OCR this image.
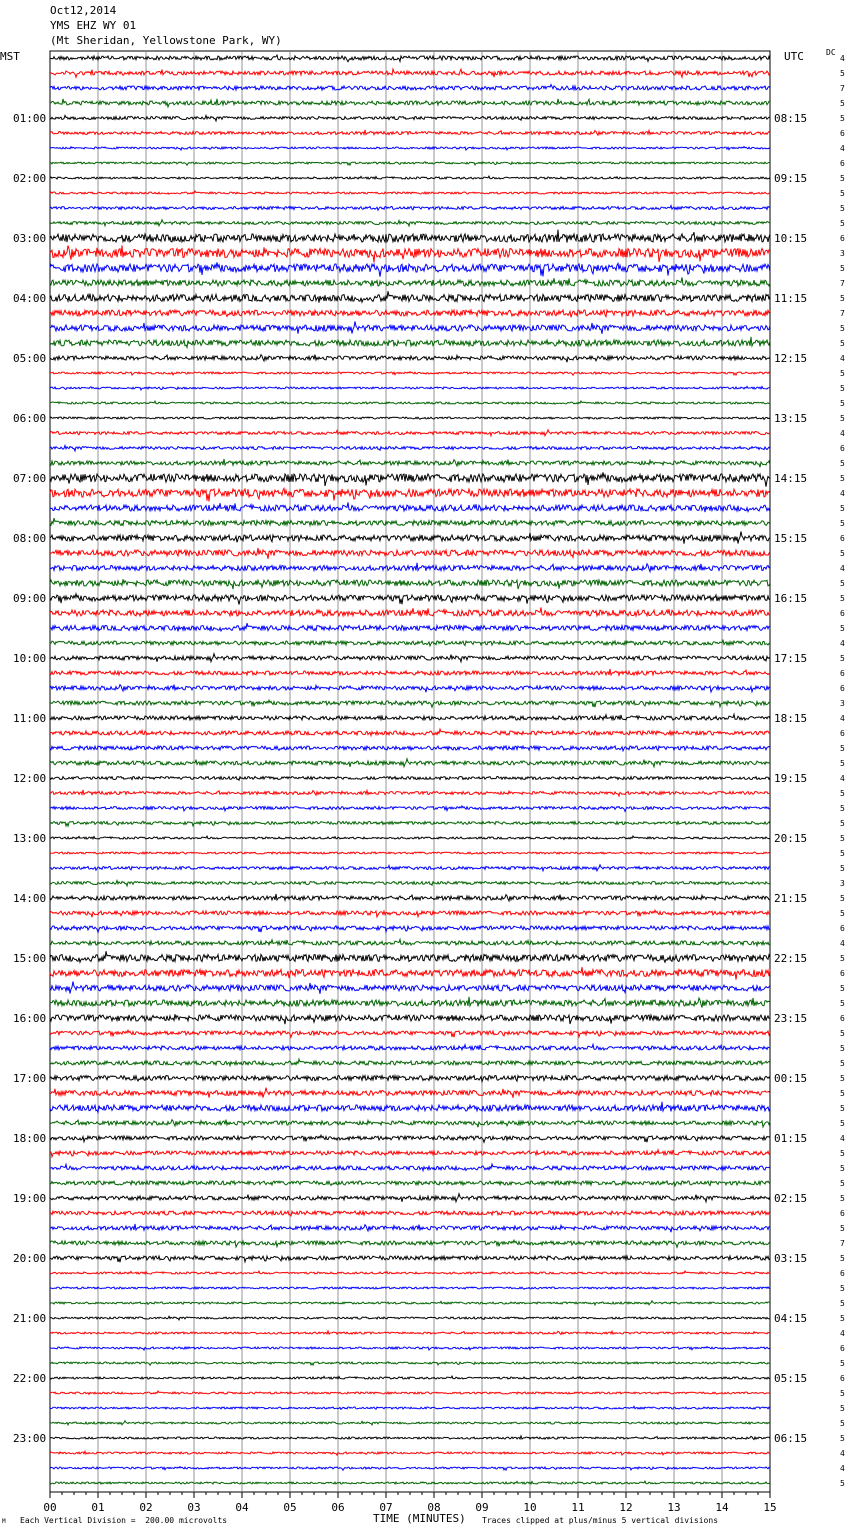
Oct12,2014
YMS EHZ WY 01
(Mt Sheridan, Yellowstone Park, WY)
MST	UTC	DC
01:00
02:00
03:00
04:00
05:00
06:00
07:00
08:00
09:00
10:00
11:00
12:00
13:00
14:00
15:00
16:00
17:00
18:00
19:00
20:00
21:00
22:00
23:00
08:15
09:15
10:15
11:15
12:15
13:15
14:15
15:15
16:15
17:15
18:15
19:15
20:15
21:15
22:15
23:15
00:15
01:15
02:15
03:15
04:15
05:15
06:15
4
5
7
5
5
6
4
6
5
5
5
5
6
3
5
7
5
7
5
5
4
5
5
5
5
4
6
5
5
4
5
5
6
5
4
5
5
6
5
4
5
6
6
3
4
6
5
5
4
5
5
5
5
5
5
3
5
5
6
4
5
6
5
5
6
5
5
5
5
5
5
5
4
5
5
5
5
6
5
7
5
6
5
5
5
4
6
5
6
5
5
5
5
4
4
5
00	01	02	03	04	05	06	07	08	09	10	11	12	13	14	15
M Each Vertical Division =  200.00 microvolts	TIME (MINUTES) Traces clipped at plus/minus 5 vertical divisions
